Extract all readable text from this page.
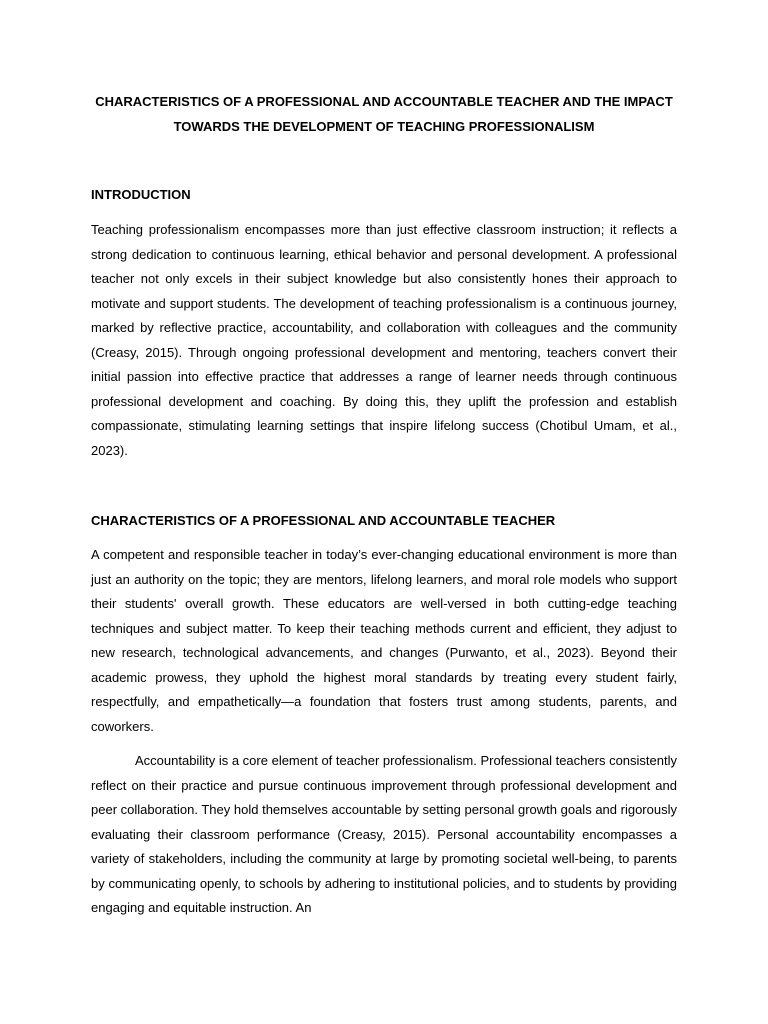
CHARACTERISTICS OF A PROFESSIONAL AND ACCOUNTABLE TEACHER AND THE IMPACT TOWARDS THE DEVELOPMENT OF TEACHING PROFESSIONALISM

INTRODUCTION

Teaching professionalism encompasses more than just effective classroom instruction; it reflects a strong dedication to continuous learning, ethical behavior and personal development. A professional teacher not only excels in their subject knowledge but also consistently hones their approach to motivate and support students. The development of teaching professionalism is a continuous journey, marked by reflective practice, accountability, and collaboration with colleagues and the community (Creasy, 2015). Through ongoing professional development and mentoring, teachers convert their initial passion into effective practice that addresses a range of learner needs through continuous professional development and coaching. By doing this, they uplift the profession and establish compassionate, stimulating learning settings that inspire lifelong success (Chotibul Umam, et al., 2023).

CHARACTERISTICS OF A PROFESSIONAL AND ACCOUNTABLE TEACHER

A competent and responsible teacher in today’s ever-changing educational environment is more than just an authority on the topic; they are mentors, lifelong learners, and moral role models who support their students' overall growth. These educators are well-versed in both cutting-edge teaching techniques and subject matter. To keep their teaching methods current and efficient, they adjust to new research, technological advancements, and changes (Purwanto, et al., 2023). Beyond their academic prowess, they uphold the highest moral standards by treating every student fairly, respectfully, and empathetically—a foundation that fosters trust among students, parents, and coworkers.

Accountability is a core element of teacher professionalism. Professional teachers consistently reflect on their practice and pursue continuous improvement through professional development and peer collaboration. They hold themselves accountable by setting personal growth goals and rigorously evaluating their classroom performance (Creasy, 2015). Personal accountability encompasses a variety of stakeholders, including the community at large by promoting societal well-being, to parents by communicating openly, to schools by adhering to institutional policies, and to students by providing engaging and equitable instruction. An
